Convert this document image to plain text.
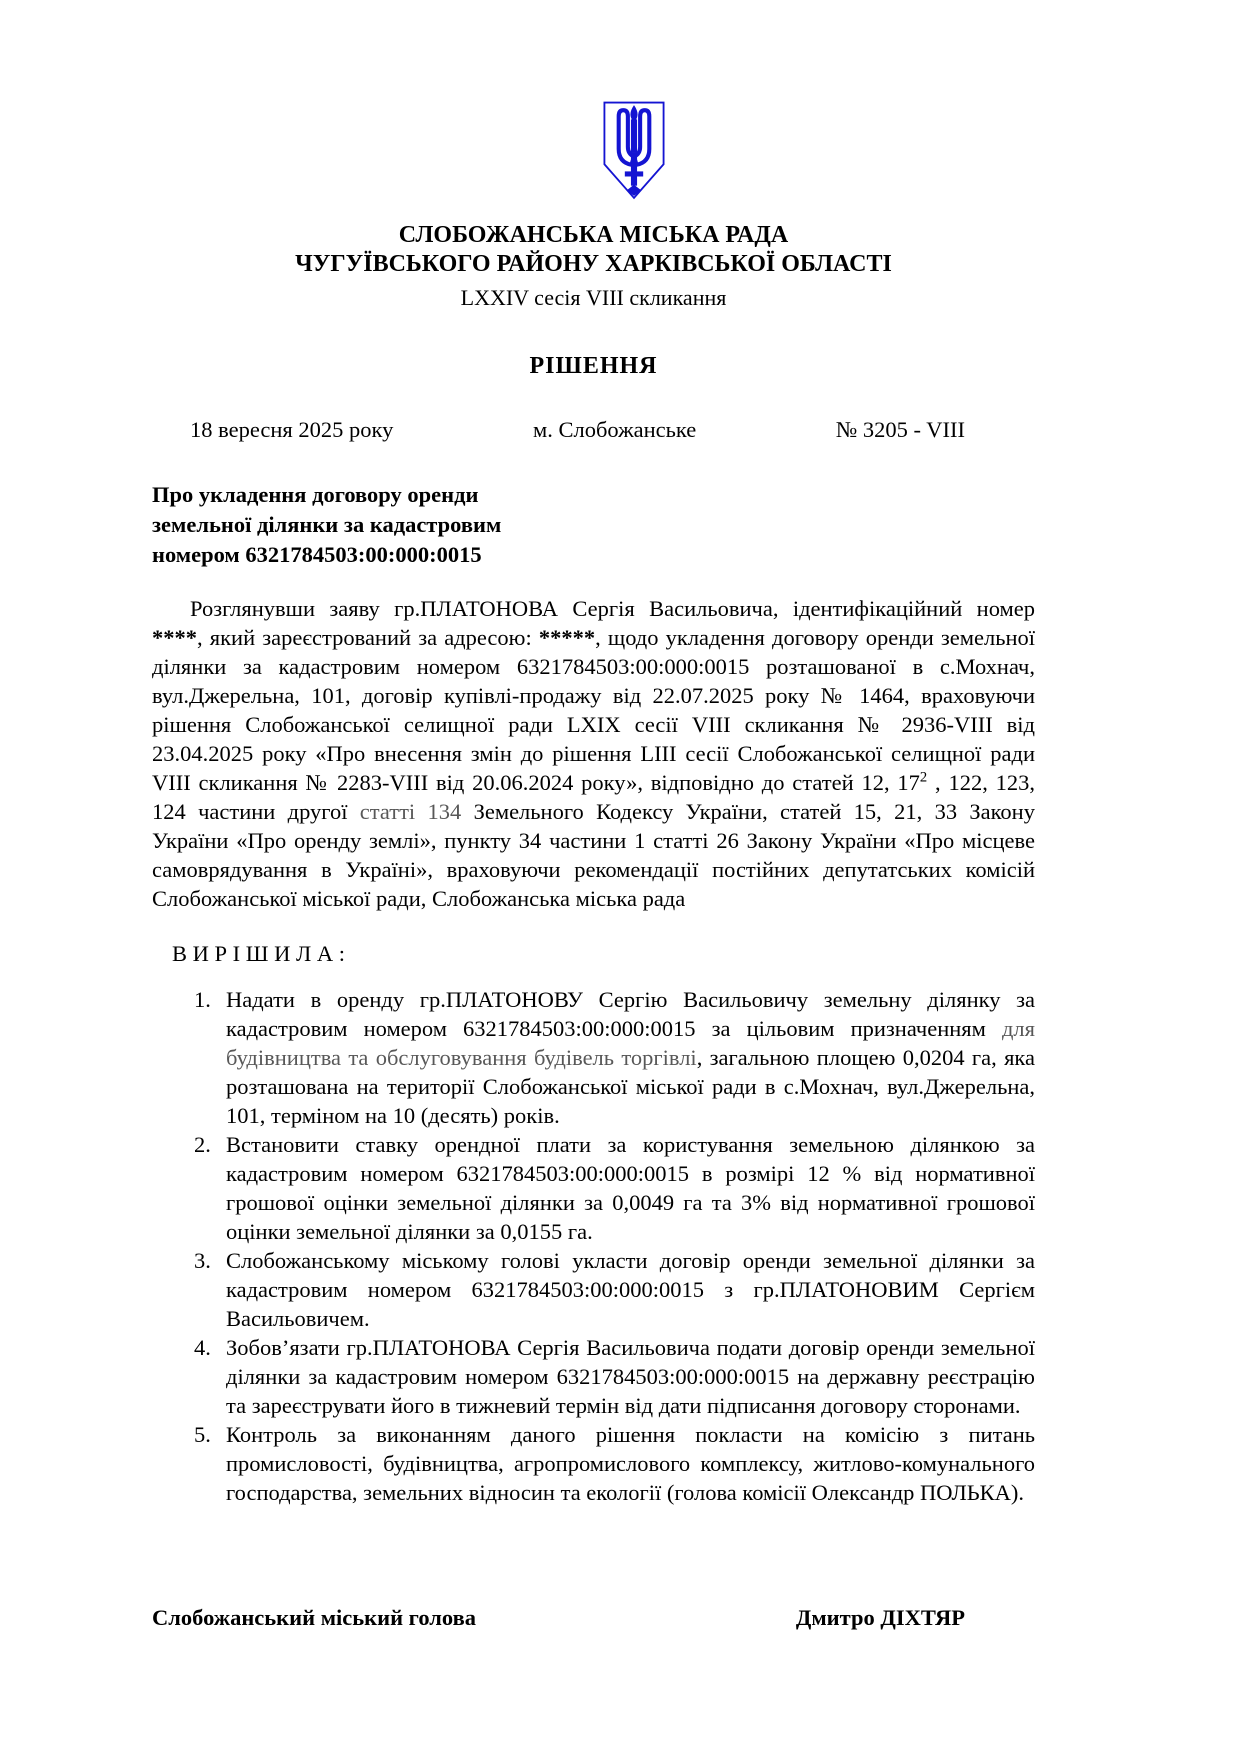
СЛОБОЖАНСЬКА МІСЬКА РАДА
ЧУГУЇВСЬКОГО РАЙОНУ ХАРКІВСЬКОЇ ОБЛАСТІ
LXXIV сесія VIII скликання
РІШЕННЯ
18 вересня 2025 року	м. Слобожанське	№ 3205 - VIII
Про укладення договору оренди
земельної ділянки за кадастровим
номером 6321784503:00:000:0015

Розглянувши заяву гр.ПЛАТОНОВА Сергія Васильовича, ідентифікаційний номер ****, який зареєстрований за адресою: *****, щодо укладення договору оренди земельної ділянки за кадастровим номером 6321784503:00:000:0015 розташованої в с.Мохнач, вул.Джерельна, 101, договір купівлі-продажу від 22.07.2025 року № 1464, враховуючи рішення Слобожанської селищної ради LXIX сесії VIII скликання № 2936-VIII від 23.04.2025 року «Про внесення змін до рішення LIII сесії Слобожанської селищної ради VIII скликання № 2283-VIII від 20.06.2024 року», відповідно до статей 12, $17^2$ , 122, 123, 124 частини другої статті 134 Земельного Кодексу України, статей 15, 21, 33 Закону України «Про оренду землі», пункту 34 частини 1 статті 26 Закону України «Про місцеве самоврядування в Україні», враховуючи рекомендації постійних депутатських комісій Слобожанської міської ради, Слобожанська міська рада

В И Р І Ш И Л А :
1. Надати в оренду гр.ПЛАТОНОВУ Сергію Васильовичу земельну ділянку за кадастровим номером 6321784503:00:000:0015 за цільовим призначенням для будівництва та обслуговування будівель торгівлі, загальною площею 0,0204 га, яка розташована на території Слобожанської міської ради в с.Мохнач, вул.Джерельна, 101, терміном на 10 (десять) років.
2. Встановити ставку орендної плати за користування земельною ділянкою за кадастровим номером 6321784503:00:000:0015 в розмірі 12 % від нормативної грошової оцінки земельної ділянки за 0,0049 га та 3% від нормативної грошової оцінки земельної ділянки за 0,0155 га.
3. Слобожанському міському голові укласти договір оренди земельної ділянки за кадастровим номером 6321784503:00:000:0015 з гр.ПЛАТОНОВИМ Сергієм Васильовичем.
4. Зобов’язати гр.ПЛАТОНОВА Сергія Васильовича подати договір оренди земельної ділянки за кадастровим номером 6321784503:00:000:0015 на державну реєстрацію та зареєструвати його в тижневий термін від дати підписання договору сторонами.
5. Контроль за виконанням даного рішення покласти на комісію з питань промисловості, будівництва, агропромислового комплексу, житлово-комунального господарства, земельних відносин та екології (голова комісії Олександр ПОЛЬКА).
Слобожанський міський голова	Дмитро ДІХТЯР
